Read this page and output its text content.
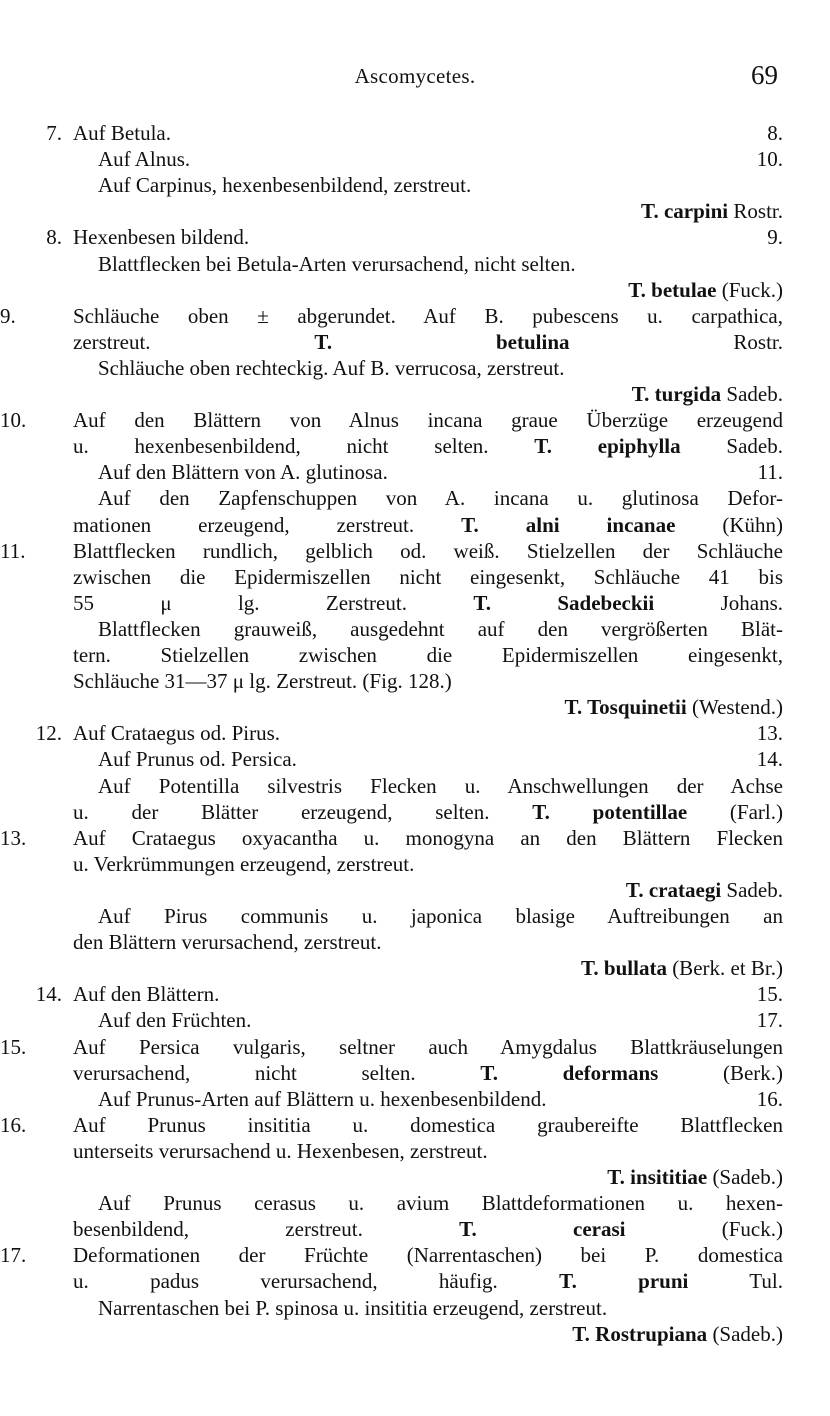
Ascomycetes.	69
7. Auf Betula.	8.
Auf Alnus.	10.
Auf Carpinus, hexenbesenbildend, zerstreut.
T. carpini Rostr.
8. Hexenbesen bildend.	9.
Blattflecken bei Betula-Arten verursachend, nicht selten.
T. betulae (Fuck.)
9.	Schläuche oben ± abgerundet. Auf B. pubescens u. carpathica,
zerstreut.	T. betulina Rostr.
Schläuche oben rechteckig. Auf B. verrucosa, zerstreut.
T. turgida Sadeb.
10.	Auf den Blättern von Alnus incana graue Überzüge erzeugend
u. hexenbesenbildend, nicht selten. T. epiphylla Sadeb.
Auf den Blättern von A. glutinosa.	11.
Auf den Zapfenschuppen von A. incana u. glutinosa Defor-
mationen erzeugend, zerstreut. T. alni incanae (Kühn)
11.	Blattflecken rundlich, gelblich od. weiß. Stielzellen der Schläuche
zwischen die Epidermiszellen nicht eingesenkt, Schläuche 41 bis
55 μ lg. Zerstreut.	T. Sadebeckii Johans.
Blattflecken grauweiß, ausgedehnt auf den vergrößerten Blät-
tern. Stielzellen zwischen die Epidermiszellen eingesenkt,
Schläuche 31—37 μ lg. Zerstreut. (Fig. 128.)
T. Tosquinetii (Westend.)
12. Auf Crataegus od. Pirus.	13.
Auf Prunus od. Persica.	14.
Auf Potentilla silvestris Flecken u. Anschwellungen der Achse
u. der Blätter erzeugend, selten. T. potentillae (Farl.)
13.	Auf Crataegus oxyacantha u. monogyna an den Blättern Flecken
u. Verkrümmungen erzeugend, zerstreut.
T. crataegi Sadeb.
Auf Pirus communis u. japonica blasige Auftreibungen an
den Blättern verursachend, zerstreut.
T. bullata (Berk. et Br.)
14. Auf den Blättern.	15.
Auf den Früchten.	17.
15.	Auf Persica vulgaris, seltner auch Amygdalus Blattkräuselungen
verursachend, nicht selten.	T. deformans (Berk.)
Auf Prunus-Arten auf Blättern u. hexenbesenbildend.	16.
16.	Auf Prunus insititia u. domestica graubereifte Blattflecken
unterseits verursachend u. Hexenbesen, zerstreut.
T. insititiae (Sadeb.)
Auf Prunus cerasus u. avium Blattdeformationen u. hexen-
besenbildend, zerstreut.	T. cerasi (Fuck.)
17.	Deformationen der Früchte (Narrentaschen) bei P. domestica
u. padus verursachend, häufig.	T. pruni Tul.
Narrentaschen bei P. spinosa u. insititia erzeugend, zerstreut.
T. Rostrupiana (Sadeb.)
